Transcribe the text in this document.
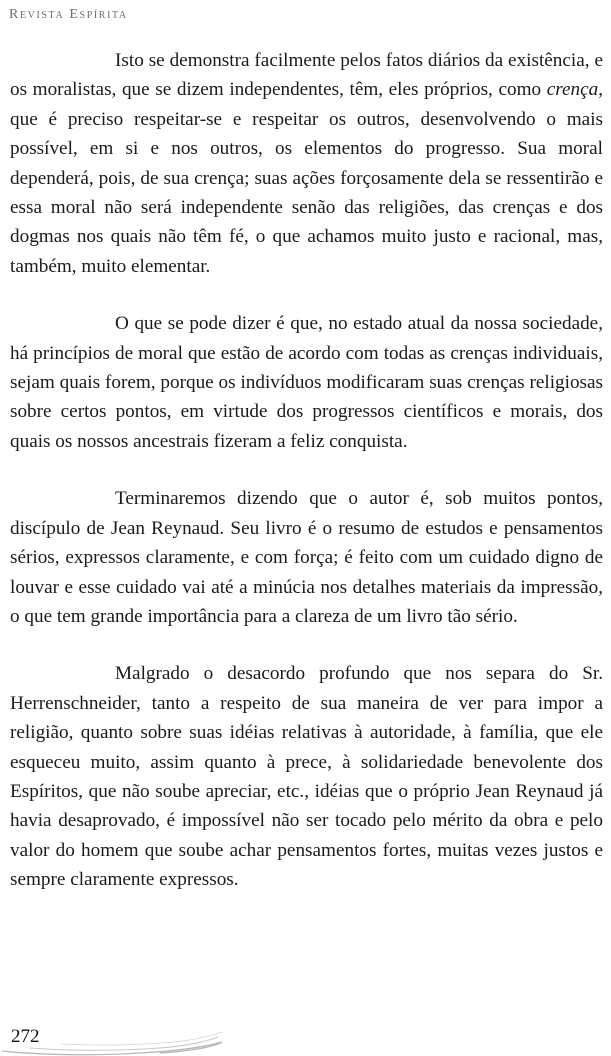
Revista Espírita

Isto se demonstra facilmente pelos fatos diários da existência, e os moralistas, que se dizem independentes, têm, eles próprios, como crença, que é preciso respeitar-se e respeitar os outros, desenvolvendo o mais possível, em si e nos outros, os elementos do progresso. Sua moral dependerá, pois, de sua crença; suas ações forçosamente dela se ressentirão e essa moral não será independente senão das religiões, das crenças e dos dogmas nos quais não têm fé, o que achamos muito justo e racional, mas, também, muito elementar.

O que se pode dizer é que, no estado atual da nossa sociedade, há princípios de moral que estão de acordo com todas as crenças individuais, sejam quais forem, porque os indivíduos modificaram suas crenças religiosas sobre certos pontos, em virtude dos progressos científicos e morais, dos quais os nossos ancestrais fizeram a feliz conquista.

Terminaremos dizendo que o autor é, sob muitos pontos, discípulo de Jean Reynaud. Seu livro é o resumo de estudos e pensamentos sérios, expressos claramente, e com força; é feito com um cuidado digno de louvar e esse cuidado vai até a minúcia nos detalhes materiais da impressão, o que tem grande importância para a clareza de um livro tão sério.

Malgrado o desacordo profundo que nos separa do Sr. Herrenschneider, tanto a respeito de sua maneira de ver para impor a religião, quanto sobre suas idéias relativas à autoridade, à família, que ele esqueceu muito, assim quanto à prece, à solidariedade benevolente dos Espíritos, que não soube apreciar, etc., idéias que o próprio Jean Reynaud já havia desaprovado, é impossível não ser tocado pelo mérito da obra e pelo valor do homem que soube achar pensamentos fortes, muitas vezes justos e sempre claramente expressos.

272
